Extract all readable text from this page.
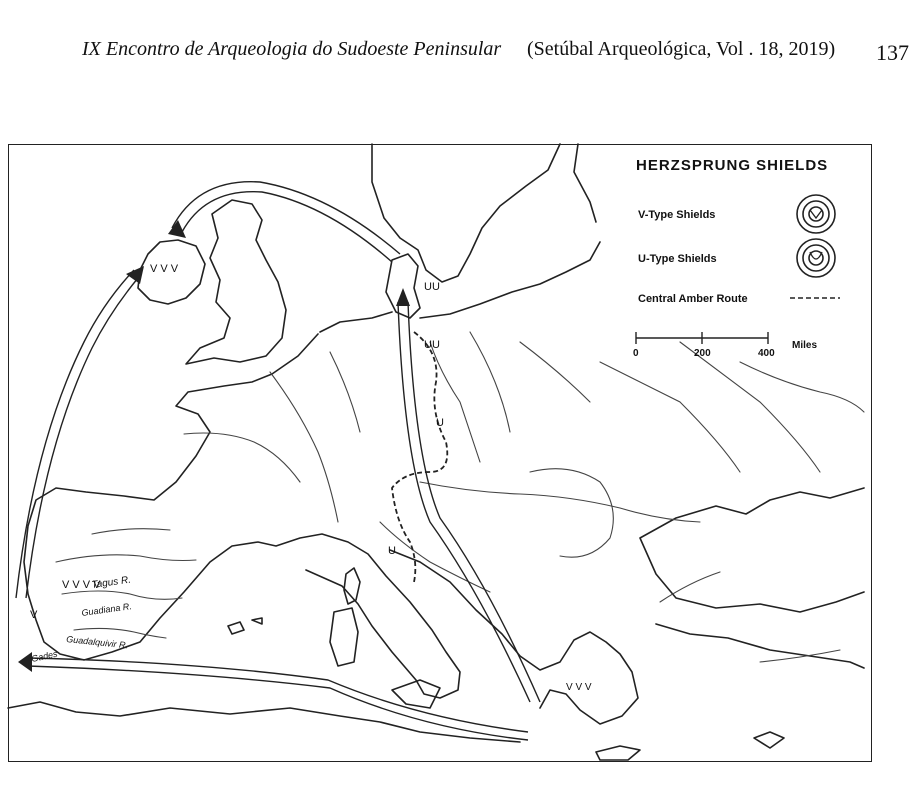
IX Encontro de Arqueologia do Sudoeste Peninsular (Setúbal Arqueológica, Vol . 18, 2019) 137
HERZSPRUNG SHIELDS
V-Type Shields
U-Type Shields
Central Amber Route
0	200	400
Miles
Tagus R.
Guadiana R.
Guadalquivir R.
Gades
V V V
V V V V
V
V V V
UU
UU
U
U
